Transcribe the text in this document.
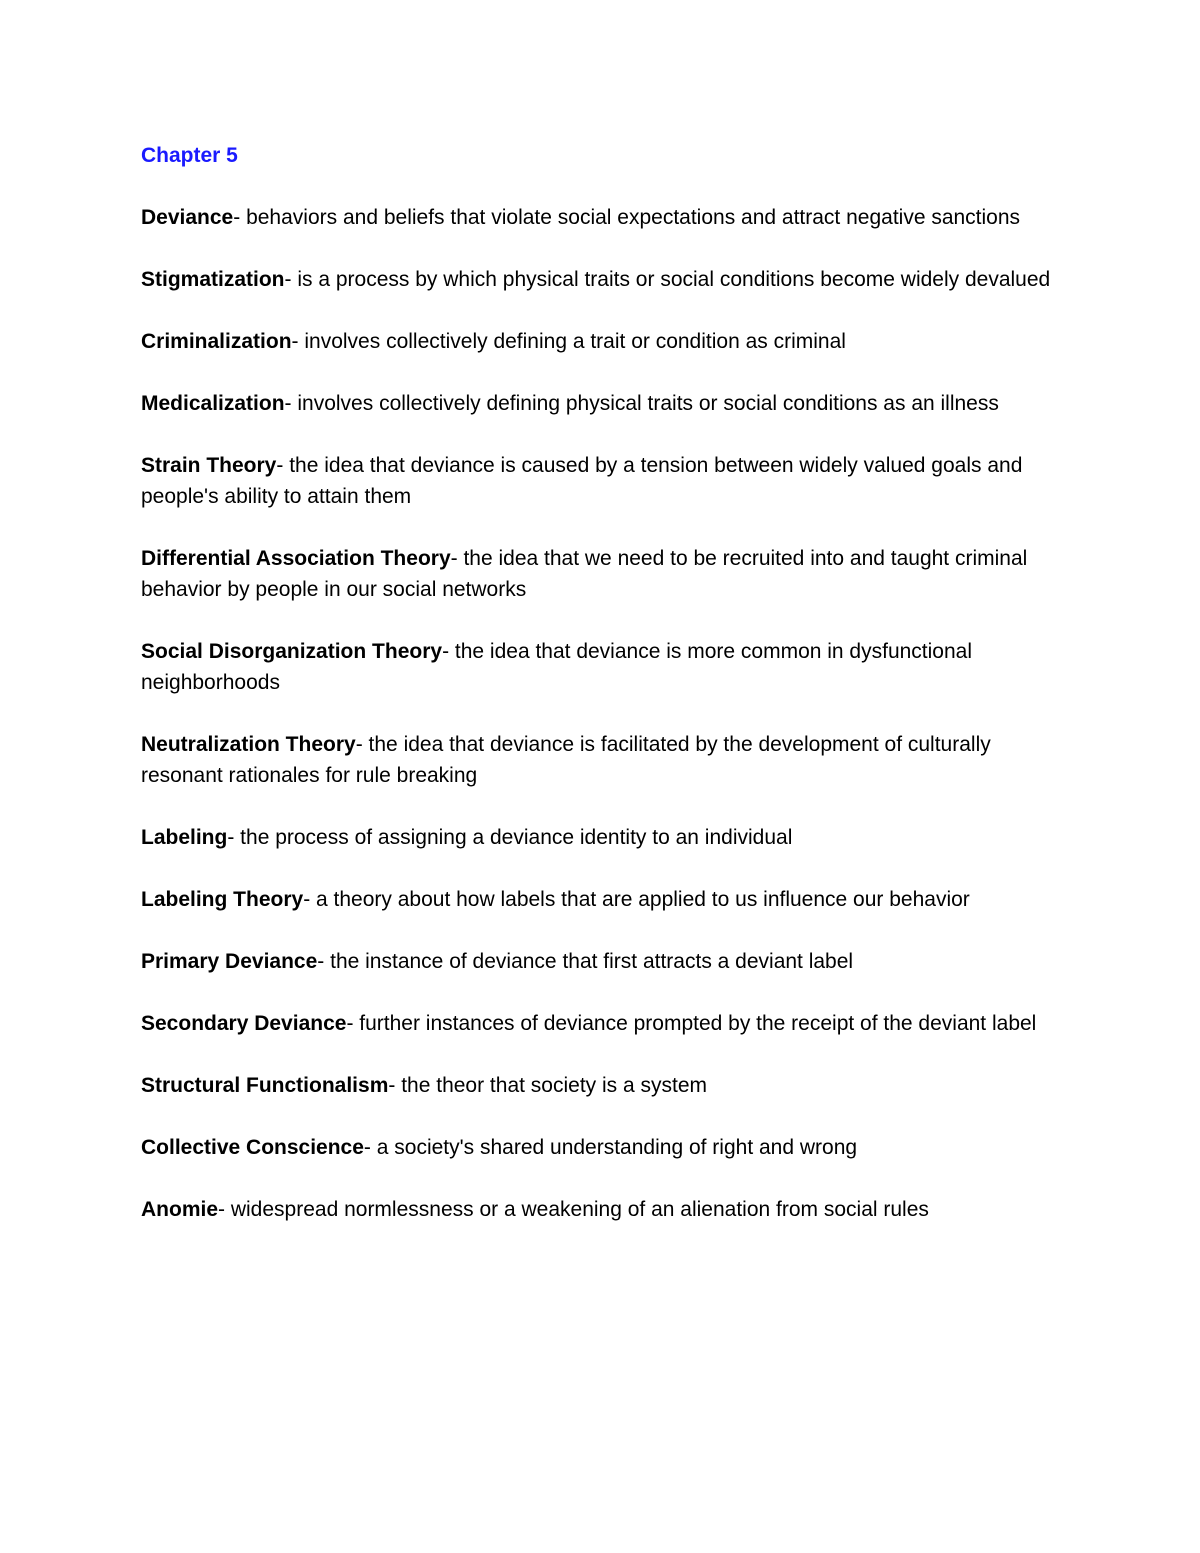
Chapter 5
Deviance- behaviors and beliefs that violate social expectations and attract negative sanctions
Stigmatization- is a process by which physical traits or social conditions become widely devalued
Criminalization- involves collectively defining a trait or condition as criminal
Medicalization- involves collectively defining physical traits or social conditions as an illness
Strain Theory- the idea that deviance is caused by a tension between widely valued goals and people's ability to attain them
Differential Association Theory- the idea that we need to be recruited into and taught criminal behavior by people in our social networks
Social Disorganization Theory- the idea that deviance is more common in dysfunctional neighborhoods
Neutralization Theory- the idea that deviance is facilitated by the development of culturally resonant rationales for rule breaking
Labeling- the process of assigning a deviance identity to an individual
Labeling Theory- a theory about how labels that are applied to us influence our behavior
Primary Deviance- the instance of deviance that first attracts a deviant label
Secondary Deviance- further instances of deviance prompted by the receipt of the deviant label
Structural Functionalism- the theor that society is a system
Collective Conscience- a society's shared understanding of right and wrong
Anomie- widespread normlessness or a weakening of an alienation from social rules
